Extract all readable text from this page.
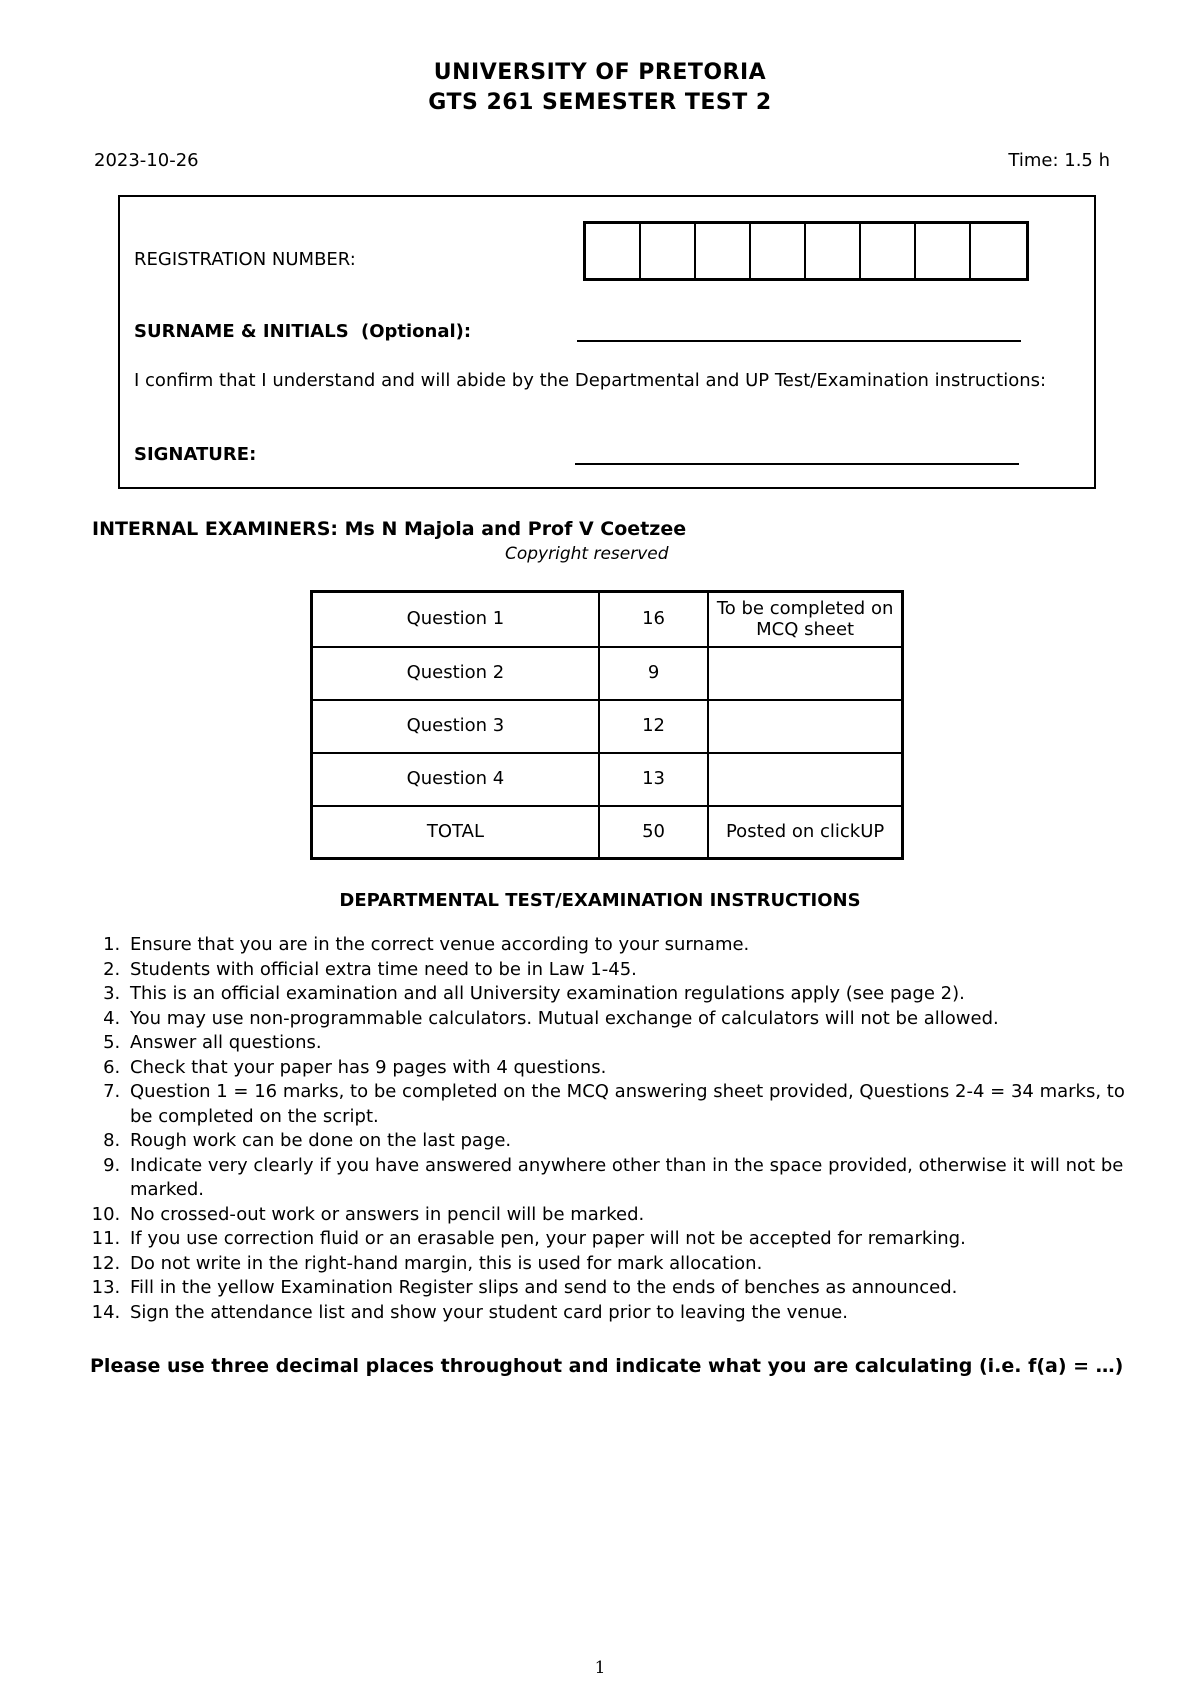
UNIVERSITY OF PRETORIA
GTS 261 SEMESTER TEST 2
2023-10-26	Time: 1.5 h
REGISTRATION NUMBER:
SURNAME & INITIALS (Optional):
I confirm that I understand and will abide by the Departmental and UP Test/Examination instructions:
SIGNATURE:
INTERNAL EXAMINERS: Ms N Majola and Prof V Coetzee
Copyright reserved
Question 1	16	To be completed on MCQ sheet
Question 2	9	
Question 3	12	
Question 4	13	
TOTAL	50	Posted on clickUP
DEPARTMENTAL TEST/EXAMINATION INSTRUCTIONS
1. Ensure that you are in the correct venue according to your surname.
2. Students with official extra time need to be in Law 1-45.
3. This is an official examination and all University examination regulations apply (see page 2).
4. You may use non-programmable calculators. Mutual exchange of calculators will not be allowed.
5. Answer all questions.
6. Check that your paper has 9 pages with 4 questions.
7. Question 1 = 16 marks, to be completed on the MCQ answering sheet provided, Questions 2-4 = 34 marks, to be completed on the script.
8. Rough work can be done on the last page.
9. Indicate very clearly if you have answered anywhere other than in the space provided, otherwise it will not be marked.
10. No crossed-out work or answers in pencil will be marked.
11. If you use correction fluid or an erasable pen, your paper will not be accepted for remarking.
12. Do not write in the right-hand margin, this is used for mark allocation.
13. Fill in the yellow Examination Register slips and send to the ends of benches as announced.
14. Sign the attendance list and show your student card prior to leaving the venue.
Please use three decimal places throughout and indicate what you are calculating (i.e. f(a) = …)
1
